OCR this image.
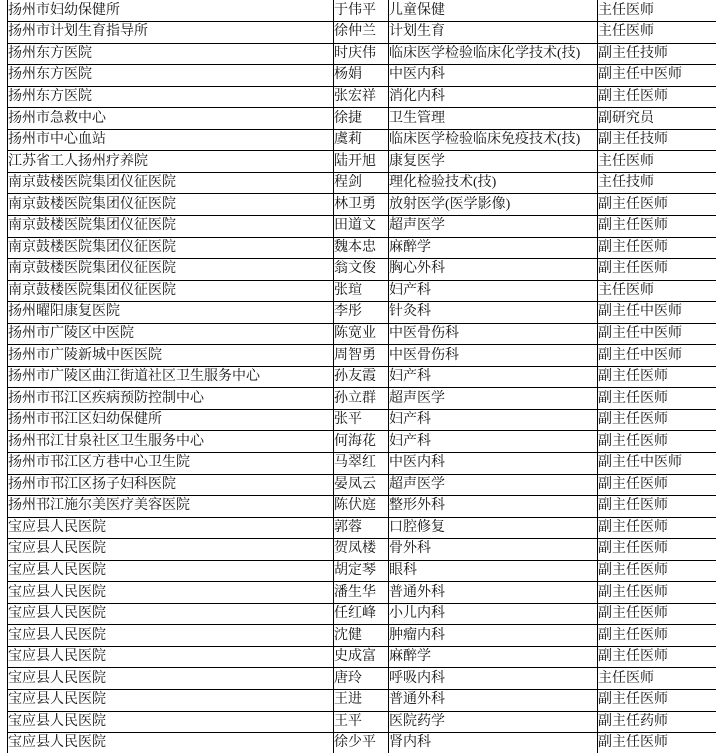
扬州市妇幼保健所	于伟平	儿童保健	主任医师
扬州市计划生育指导所	徐仲兰	计划生育	主任医师
扬州东方医院	时庆伟	临床医学检验临床化学技术(技)	副主任技师
扬州东方医院	杨娟	中医内科	副主任中医师
扬州东方医院	张宏祥	消化内科	副主任医师
扬州市急救中心	徐捷	卫生管理	副研究员
扬州市中心血站	虞莉	临床医学检验临床免疫技术(技)	副主任技师
江苏省工人扬州疗养院	陆开旭	康复医学	主任医师
南京鼓楼医院集团仪征医院	程剑	理化检验技术(技)	主任技师
南京鼓楼医院集团仪征医院	林卫勇	放射医学(医学影像)	副主任医师
南京鼓楼医院集团仪征医院	田道文	超声医学	副主任医师
南京鼓楼医院集团仪征医院	魏本忠	麻醉学	副主任医师
南京鼓楼医院集团仪征医院	翁文俊	胸心外科	副主任医师
南京鼓楼医院集团仪征医院	张瑄	妇产科	主任医师
扬州曜阳康复医院	李彤	针灸科	副主任中医师
扬州市广陵区中医院	陈宽业	中医骨伤科	副主任中医师
扬州市广陵新城中医医院	周智勇	中医骨伤科	副主任中医师
扬州市广陵区曲江街道社区卫生服务中心	孙友霞	妇产科	副主任医师
扬州市邗江区疾病预防控制中心	孙立群	超声医学	副主任医师
扬州市邗江区妇幼保健所	张平	妇产科	副主任医师
扬州邗江甘泉社区卫生服务中心	何海花	妇产科	副主任医师
扬州市邗江区方巷中心卫生院	马翠红	中医内科	副主任中医师
扬州市邗江区扬子妇科医院	晏凤云	超声医学	副主任医师
扬州邗江施尔美医疗美容医院	陈伏庭	整形外科	副主任医师
宝应县人民医院	郭蓉	口腔修复	副主任医师
宝应县人民医院	贺凤楼	骨外科	副主任医师
宝应县人民医院	胡定琴	眼科	副主任医师
宝应县人民医院	潘生华	普通外科	副主任医师
宝应县人民医院	任红峰	小儿内科	副主任医师
宝应县人民医院	沈健	肿瘤内科	副主任医师
宝应县人民医院	史成富	麻醉学	副主任医师
宝应县人民医院	唐玲	呼吸内科	主任医师
宝应县人民医院	王进	普通外科	副主任医师
宝应县人民医院	王平	医院药学	副主任药师
宝应县人民医院	徐少平	肾内科	副主任医师
